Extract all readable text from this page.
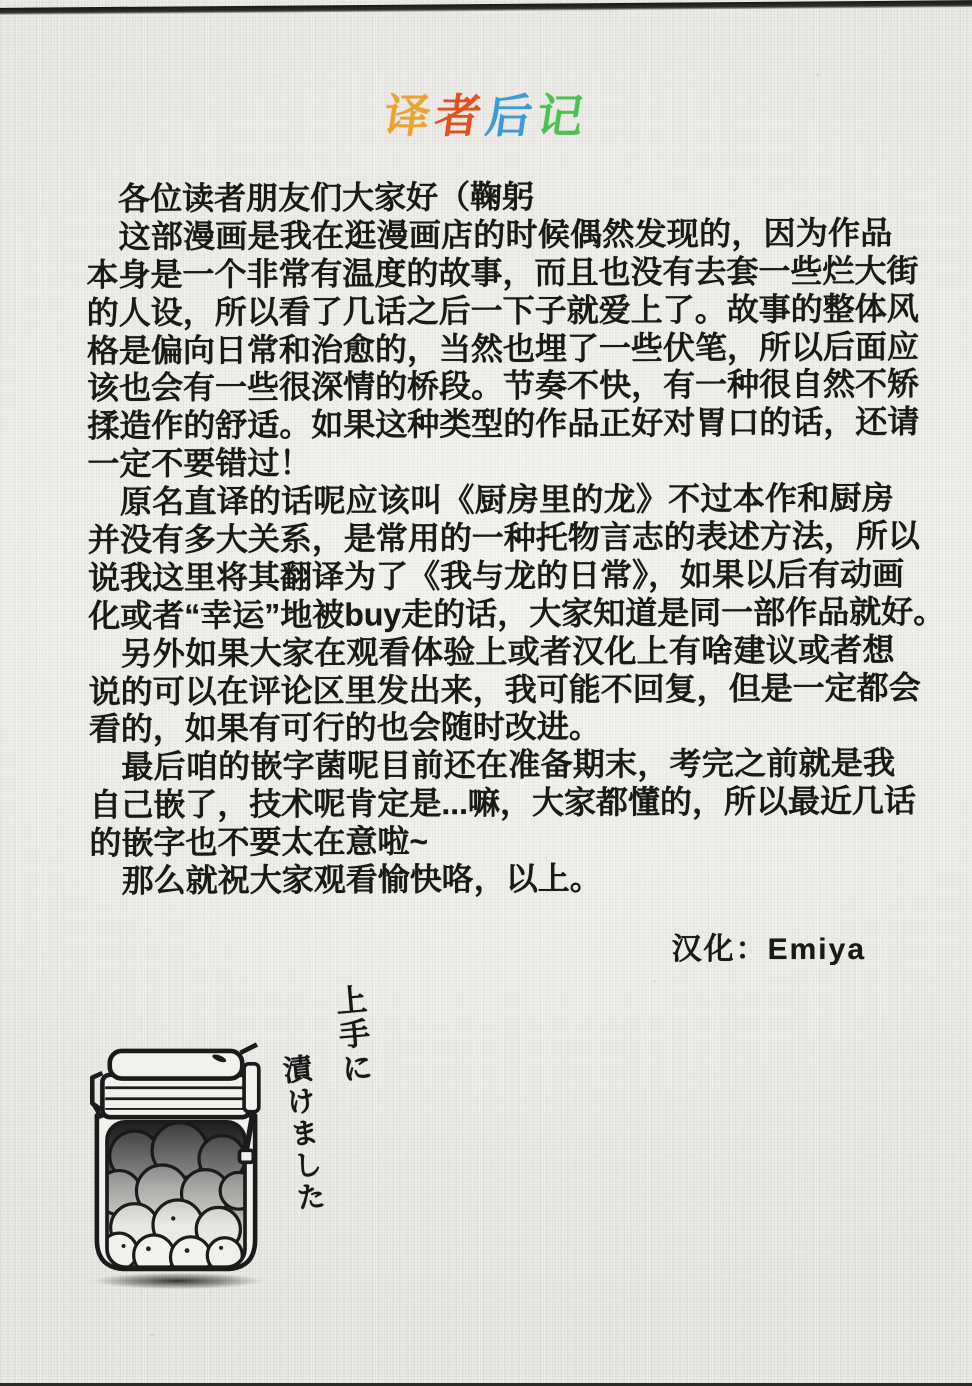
译者后记
　各位读者朋友们大家好（鞠躬
　这部漫画是我在逛漫画店的时候偶然发现的，因为作品
本身是一个非常有温度的故事，而且也没有去套一些烂大街
的人设，所以看了几话之后一下子就爱上了。故事的整体风
格是偏向日常和治愈的，当然也埋了一些伏笔，所以后面应
该也会有一些很深情的桥段。节奏不快，有一种很自然不矫
揉造作的舒适。如果这种类型的作品正好对胃口的话，还请
一定不要错过！
　原名直译的话呢应该叫《厨房里的龙》不过本作和厨房
并没有多大关系，是常用的一种托物言志的表述方法，所以
说我这里将其翻译为了《我与龙的日常》，如果以后有动画
化或者“幸运”地被buy走的话，大家知道是同一部作品就好。
　另外如果大家在观看体验上或者汉化上有啥建议或者想
说的可以在评论区里发出来，我可能不回复，但是一定都会
看的，如果有可行的也会随时改进。
　最后咱的嵌字菌呢目前还在准备期末，考完之前就是我
自己嵌了，技术呢肯定是...嘛，大家都懂的，所以最近几话
的嵌字也不要太在意啦~
　那么就祝大家观看愉快咯，以上。
汉化：Emiya
上手に
漬けました
